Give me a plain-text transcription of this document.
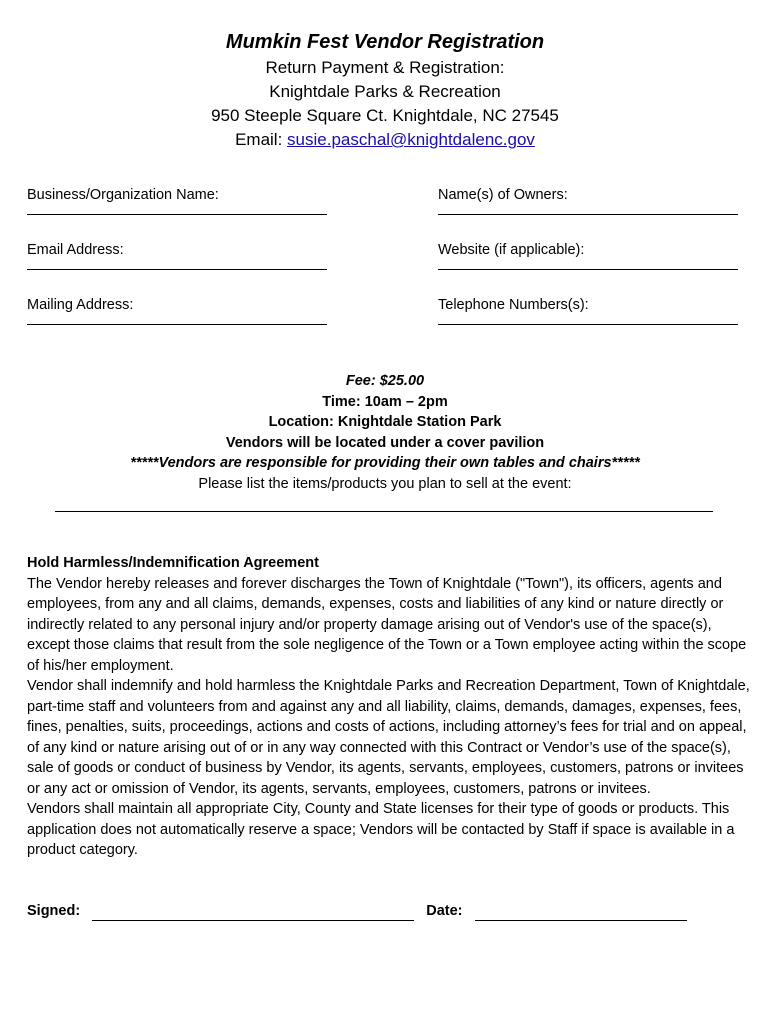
Mumkin Fest Vendor Registration
Return Payment & Registration:
Knightdale Parks & Recreation
950 Steeple Square Ct. Knightdale, NC 27545
Email: susie.paschal@knightdalenc.gov
Business/Organization Name:	Name(s) of Owners:
Email Address:	Website (if applicable):
Mailing Address:	Telephone Numbers(s):
Fee: $25.00
Time: 10am – 2pm
Location: Knightdale Station Park
Vendors will be located under a cover pavilion
*****Vendors are responsible for providing their own tables and chairs*****
Please list the items/products you plan to sell at the event:

Hold Harmless/Indemnification Agreement

The Vendor hereby releases and forever discharges the Town of Knightdale ("Town"), its officers, agents and employees, from any and all claims, demands, expenses, costs and liabilities of any kind or nature directly or indirectly related to any personal injury and/or property damage arising out of Vendor's use of the space(s), except those claims that result from the sole negligence of the Town or a Town employee acting within the scope of his/her employment.

Vendor shall indemnify and hold harmless the Knightdale Parks and Recreation Department, Town of Knightdale, part-time staff and volunteers from and against any and all liability, claims, demands, damages, expenses, fees, fines, penalties, suits, proceedings, actions and costs of actions, including attorney’s fees for trial and on appeal, of any kind or nature arising out of or in any way connected with this Contract or Vendor’s use of the space(s), sale of goods or conduct of business by Vendor, its agents, servants, employees, customers, patrons or invitees or any act or omission of Vendor, its agents, servants, employees, customers, patrons or invitees.

Vendors shall maintain all appropriate City, County and State licenses for their type of goods or products. This application does not automatically reserve a space; Vendors will be contacted by Staff if space is available in a product category.

Signed:	Date:
